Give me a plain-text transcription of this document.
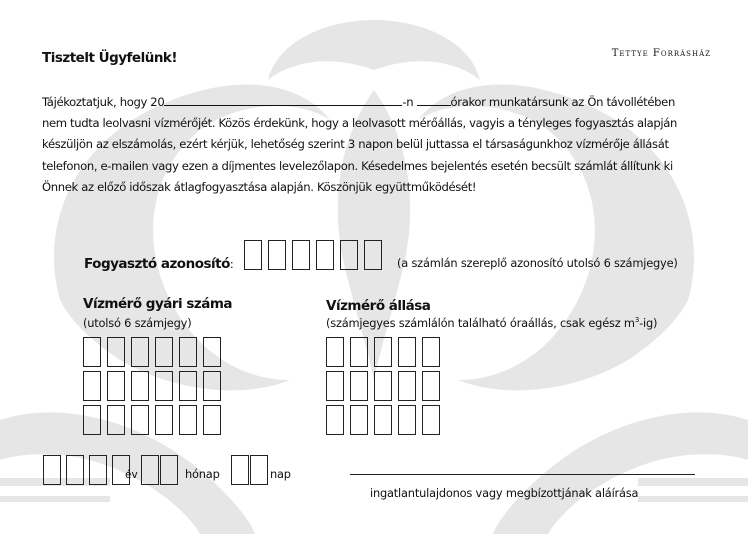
Tisztelt Ügyfelünk!	Tettye Forrásház
Tájékoztatjuk, hogy 20	-n	órakor munkatársunk az Ön távollétében
nem tudta leolvasni vízmérőjét. Közös érdekünk, hogy a leolvasott mérőállás, vagyis a tényleges fogyasztás alapján
készüljön az elszámolás, ezért kérjük, lehetőség szerint 3 napon belül juttassa el társaságunkhoz vízmérője állását
telefonon, e-mailen vagy ezen a díjmentes levelezőlapon. Késedelmes bejelentés esetén becsült számlát állítunk ki
Önnek az előző időszak átlagfogyasztása alapján. Köszönjük együttműködését!
Fogyasztó azonosító:	(a számlán szereplő azonosító utolsó 6 számjegye)
Vízmérő gyári száma
(utolsó 6 számjegy)
Vízmérő állása
(számjegyes számlálón található óraállás, csak egész $m^3-ig$)
év	hónap	nap
ingatlantulajdonos vagy megbízottjának aláírása
